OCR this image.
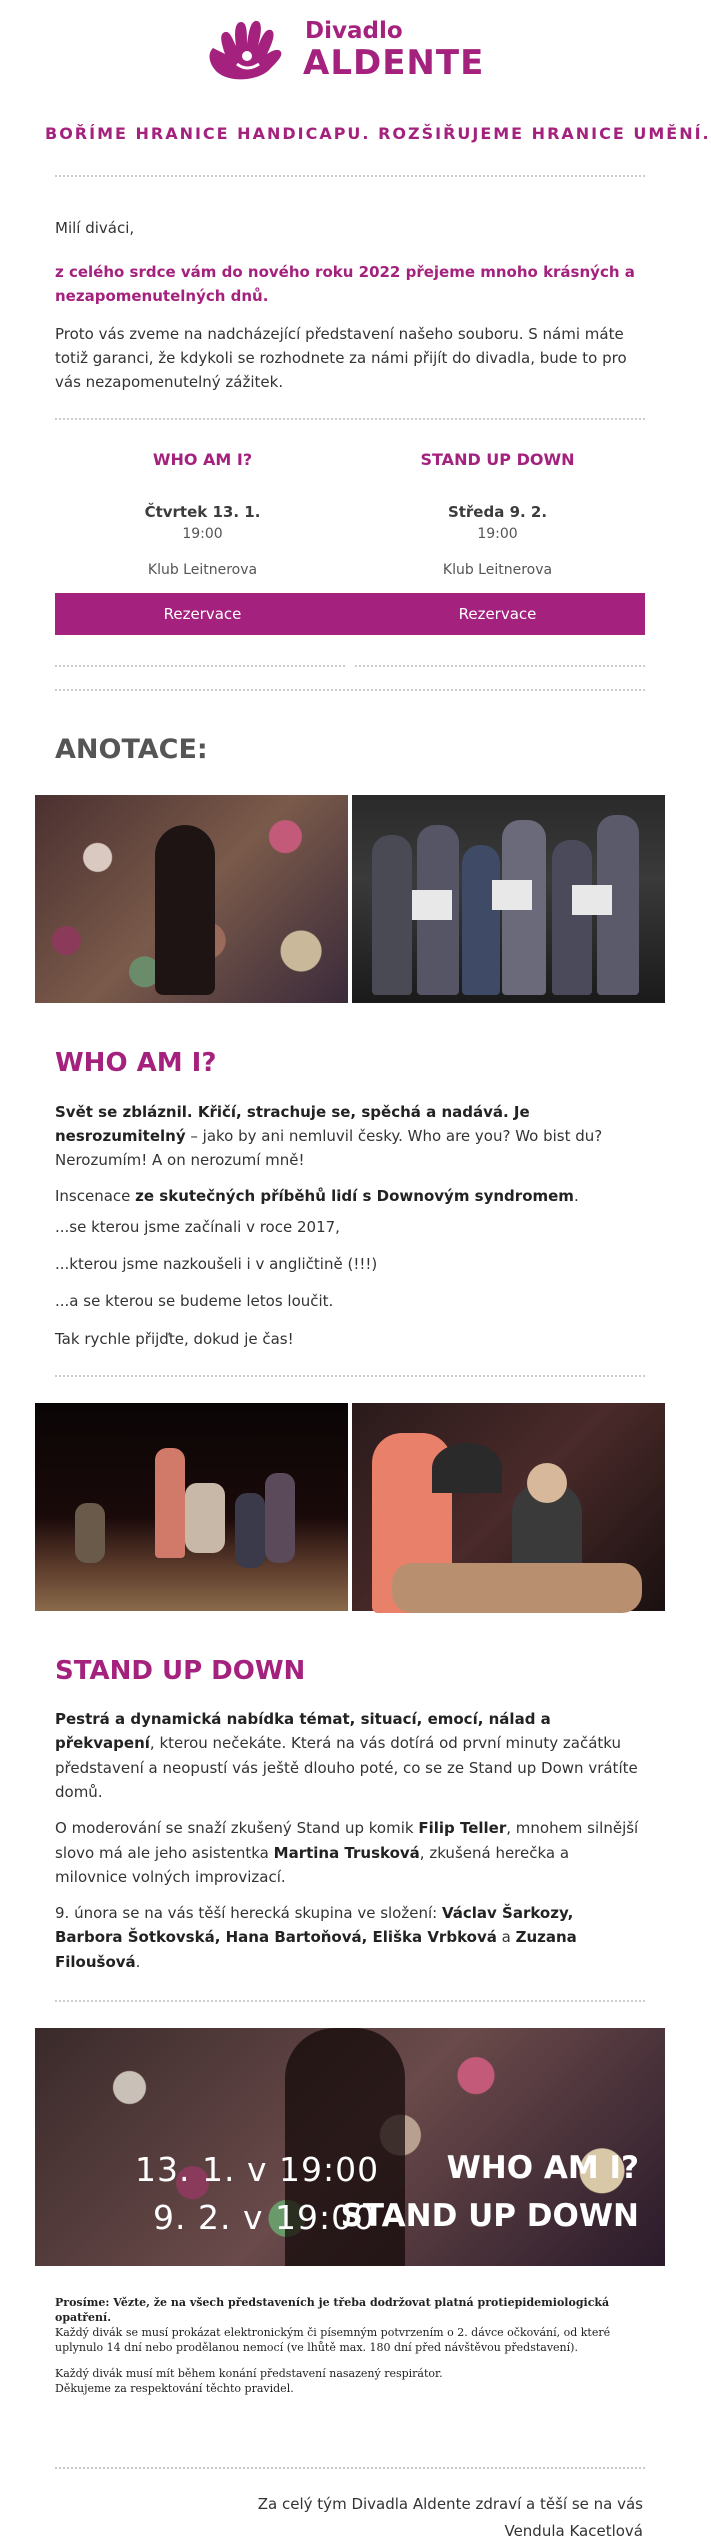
Divadlo
ALDENTE
BOŘÍME HRANICE HANDICAPU. ROZŠIŘUJEME HRANICE UMĚNÍ.
Milí diváci,
z celého srdce vám do nového roku 2022 přejeme mnoho krásných a nezapomenutelných dnů.
Proto vás zveme na nadcházející představení našeho souboru. S námi máte totiž garanci, že kdykoli se rozhodnete za námi přijít do divadla, bude to pro vás nezapomenutelný zážitek.
WHO AM I?
Čtvrtek 13. 1.
19:00
Klub Leitnerova
Rezervace
STAND UP DOWN
Středa 9. 2.
19:00
Klub Leitnerova
Rezervace
ANOTACE:
WHO AM I?
Svět se zbláznil. Křičí, strachuje se, spěchá a nadává. Je nesrozumitelný – jako by ani nemluvil česky. Who are you? Wo bist du? Nerozumím! A on nerozumí mně!
Inscenace ze skutečných příběhů lidí s Downovým syndromem.
...se kterou jsme začínali v roce 2017,
...kterou jsme nazkoušeli i v angličtině (!!!)
...a se kterou se budeme letos loučit.
Tak rychle přijďte, dokud je čas!
STAND UP DOWN
Pestrá a dynamická nabídka témat, situací, emocí, nálad a překvapení, kterou nečekáte. Která na vás dotírá od první minuty začátku představení a neopustí vás ještě dlouho poté, co se ze Stand up Down vrátíte domů.
O moderování se snaží zkušený Stand up komik Filip Teller, mnohem silnější slovo má ale jeho asistentka Martina Trusková, zkušená herečka a milovnice volných improvizací.
9. února se na vás těší herecká skupina ve složení: Václav Šarkozy, Barbora Šotkovská, Hana Bartoňová, Eliška Vrbková a Zuzana Filoušová.
13. 1. v 19:00
9. 2. v 19:00
WHO AM I?
STAND UP DOWN
Prosíme: Vězte, že na všech představeních je třeba dodržovat platná protiepidemiologická opatření.
Každý divák se musí prokázat elektronickým či písemným potvrzením o 2. dávce očkování, od které uplynulo 14 dní nebo prodělanou nemocí (ve lhůtě max. 180 dní před návštěvou představení).
Každý divák musí mít během konání představení nasazený respirátor.
Děkujeme za respektování těchto pravidel.
Za celý tým Divadla Aldente zdraví a těší se na vás
Vendula Kacetlová
